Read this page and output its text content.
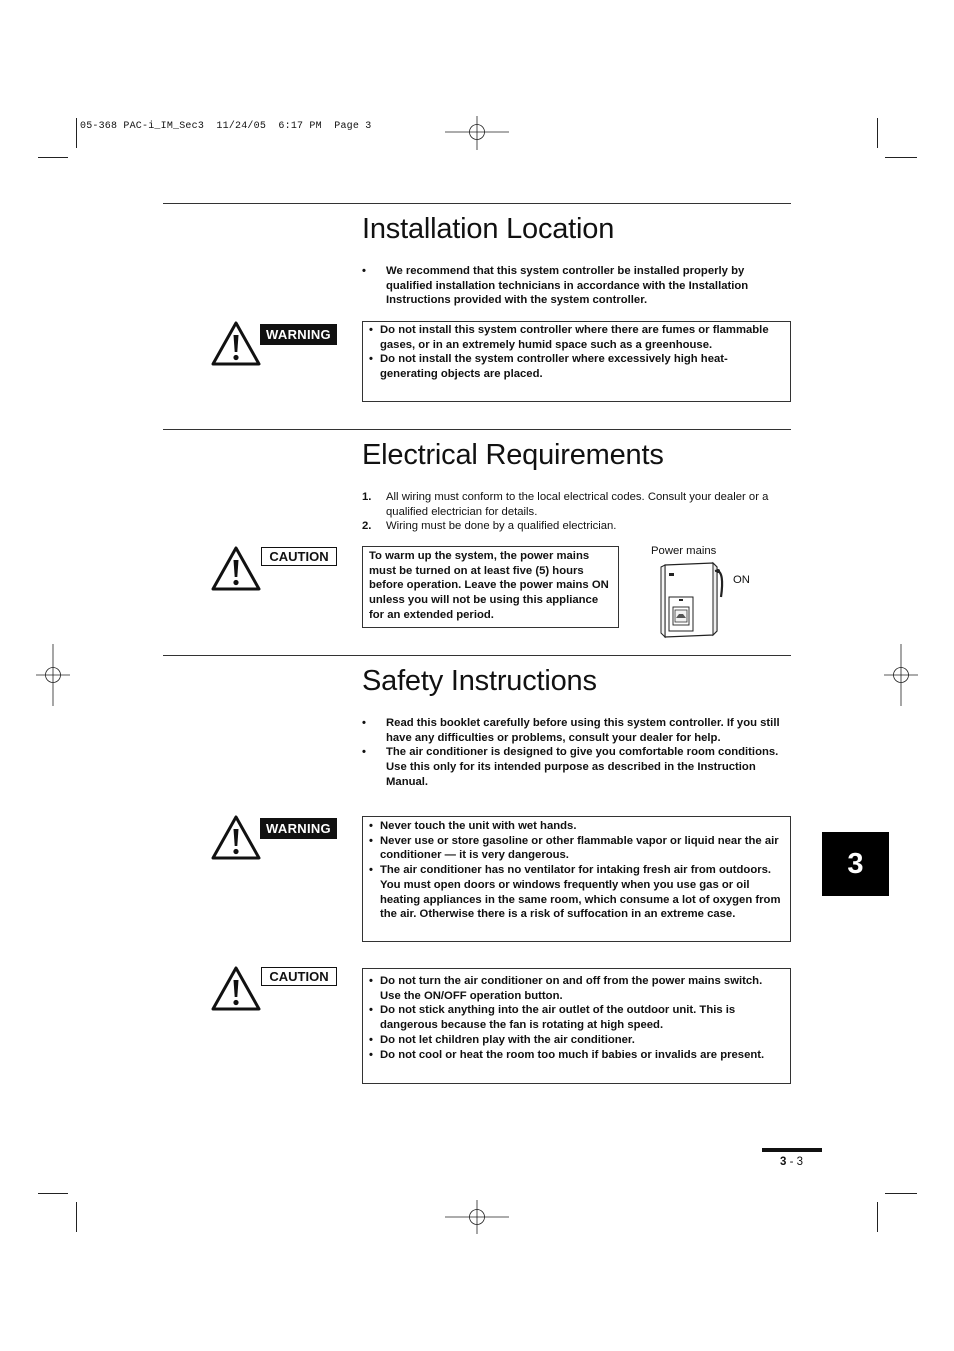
05-368 PAC-i_IM_Sec3  11/24/05  6:17 PM  Page 3
Installation Location
• We recommend that this system controller be installed properly by qualified installation technicians in accordance with the Installation Instructions provided with the system controller.
WARNING	• Do not install this system controller where there are fumes or flammable gases, or in an extremely humid space such as a greenhouse.
• Do not install the system controller where excessively high heat-generating objects are placed.
Electrical Requirements
1. All wiring must conform to the local electrical codes. Consult your dealer or a qualified electrician for details.
2. Wiring must be done by a qualified electrician.
CAUTION	To warm up the system, the power mains must be turned on at least five (5) hours before operation. Leave the power mains ON unless you will not be using this appliance for an extended period.
Power mains
ON
Safety Instructions
• Read this booklet carefully before using this system controller. If you still have any difficulties or problems, consult your dealer for help.
• The air conditioner is designed to give you comfortable room conditions. Use this only for its intended purpose as described in the Instruction Manual.
WARNING	• Never touch the unit with wet hands.
• Never use or store gasoline or other flammable vapor or liquid near the air conditioner — it is very dangerous.
• The air conditioner has no ventilator for intaking fresh air from outdoors. You must open doors or windows frequently when you use gas or oil heating appliances in the same room, which consume a lot of oxygen from the air. Otherwise there is a risk of suffocation in an extreme case.
CAUTION	• Do not turn the air conditioner on and off from the power mains switch. Use the ON/OFF operation button.
• Do not stick anything into the air outlet of the outdoor unit. This is dangerous because the fan is rotating at high speed.
• Do not let children play with the air conditioner.
• Do not cool or heat the room too much if babies or invalids are present.
3
3 - 3
